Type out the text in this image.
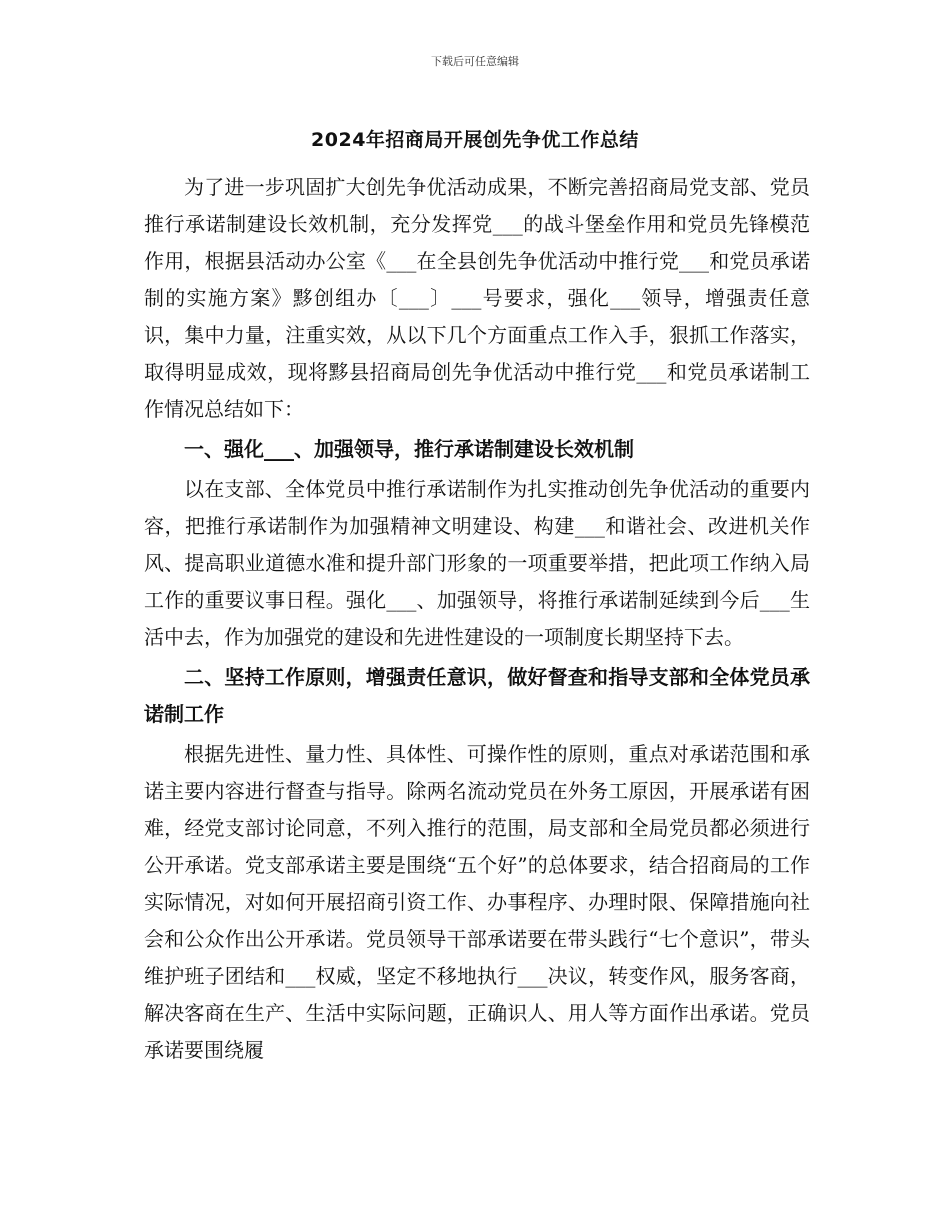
下载后可任意编辑
2024年招商局开展创先争优工作总结

为了进一步巩固扩大创先争优活动成果，不断完善招商局党支部、党员推行承诺制建设长效机制，充分发挥党___的战斗堡垒作用和党员先锋模范作用，根据县活动办公室《___在全县创先争优活动中推行党___和党员承诺制的实施方案》黟创组办〔___〕___号要求，强化___领导，增强责任意识，集中力量，注重实效，从以下几个方面重点工作入手，狠抓工作落实，取得明显成效，现将黟县招商局创先争优活动中推行党___和党员承诺制工作情况总结如下：

一、强化___、加强领导，推行承诺制建设长效机制

以在支部、全体党员中推行承诺制作为扎实推动创先争优活动的重要内容，把推行承诺制作为加强精神文明建设、构建___和谐社会、改进机关作风、提高职业道德水准和提升部门形象的一项重要举措，把此项工作纳入局工作的重要议事日程。强化___、加强领导，将推行承诺制延续到今后___生活中去，作为加强党的建设和先进性建设的一项制度长期坚持下去。

二、坚持工作原则，增强责任意识，做好督查和指导支部和全体党员承诺制工作

根据先进性、量力性、具体性、可操作性的原则，重点对承诺范围和承诺主要内容进行督查与指导。除两名流动党员在外务工原因，开展承诺有困难，经党支部讨论同意，不列入推行的范围，局支部和全局党员都必须进行公开承诺。党支部承诺主要是围绕“五个好”的总体要求，结合招商局的工作实际情况，对如何开展招商引资工作、办事程序、办理时限、保障措施向社会和公众作出公开承诺。党员领导干部承诺要在带头践行“七个意识”，带头维护班子团结和___权威，坚定不移地执行___决议，转变作风，服务客商，解决客商在生产、生活中实际问题，正确识人、用人等方面作出承诺。党员承诺要围绕履
